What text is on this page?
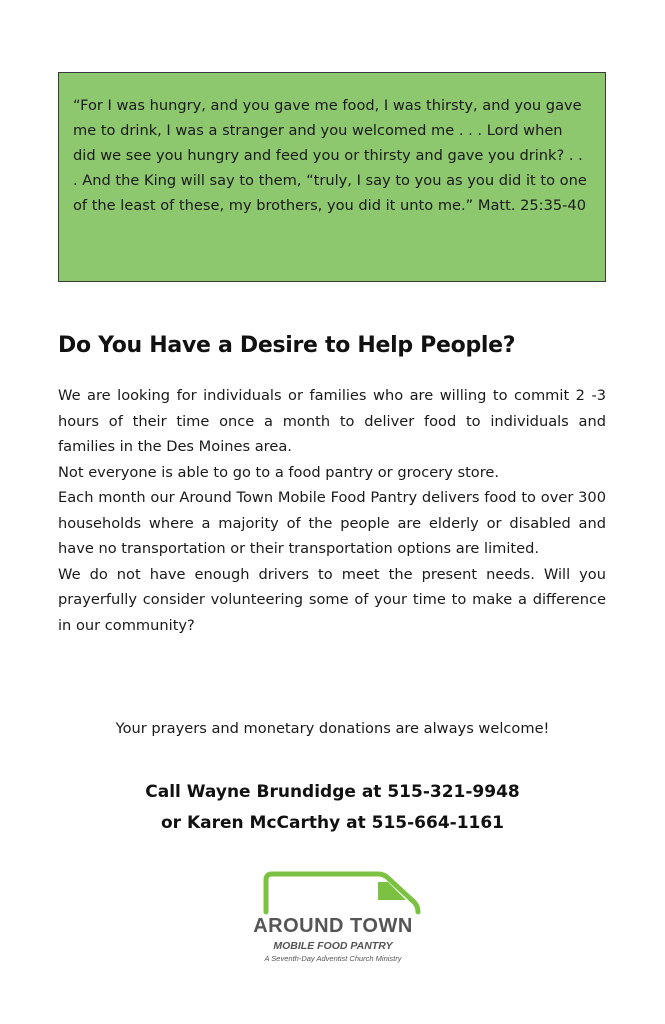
“For I was hungry, and you gave me food, I was thirsty, and you gave me to drink, I was a stranger and you welcomed me . . . Lord when did we see you hungry and feed you or thirsty and gave you drink? . . . And the King will say to them, “truly, I say to you as you did it to one of the least of these, my brothers, you did it unto me.” Matt. 25:35-40
Do You Have a Desire to Help People?

We are looking for individuals or families who are willing to commit 2 -3 hours of their time once a month to deliver food to individuals and families in the Des Moines area.

Not everyone is able to go to a food pantry or grocery store.

Each month our Around Town Mobile Food Pantry delivers food to over 300 households where a majority of the people are elderly or disabled and have no transportation or their transportation options are limited.

We do not have enough drivers to meet the present needs. Will you prayerfully consider volunteering some of your time to make a difference in our community?

Your prayers and monetary donations are always welcome!
Call Wayne Brundidge at 515-321-9948
or Karen McCarthy at 515-664-1161
AROUND TOWN
MOBILE FOOD PANTRY
A Seventh-Day Adventist Church Ministry
